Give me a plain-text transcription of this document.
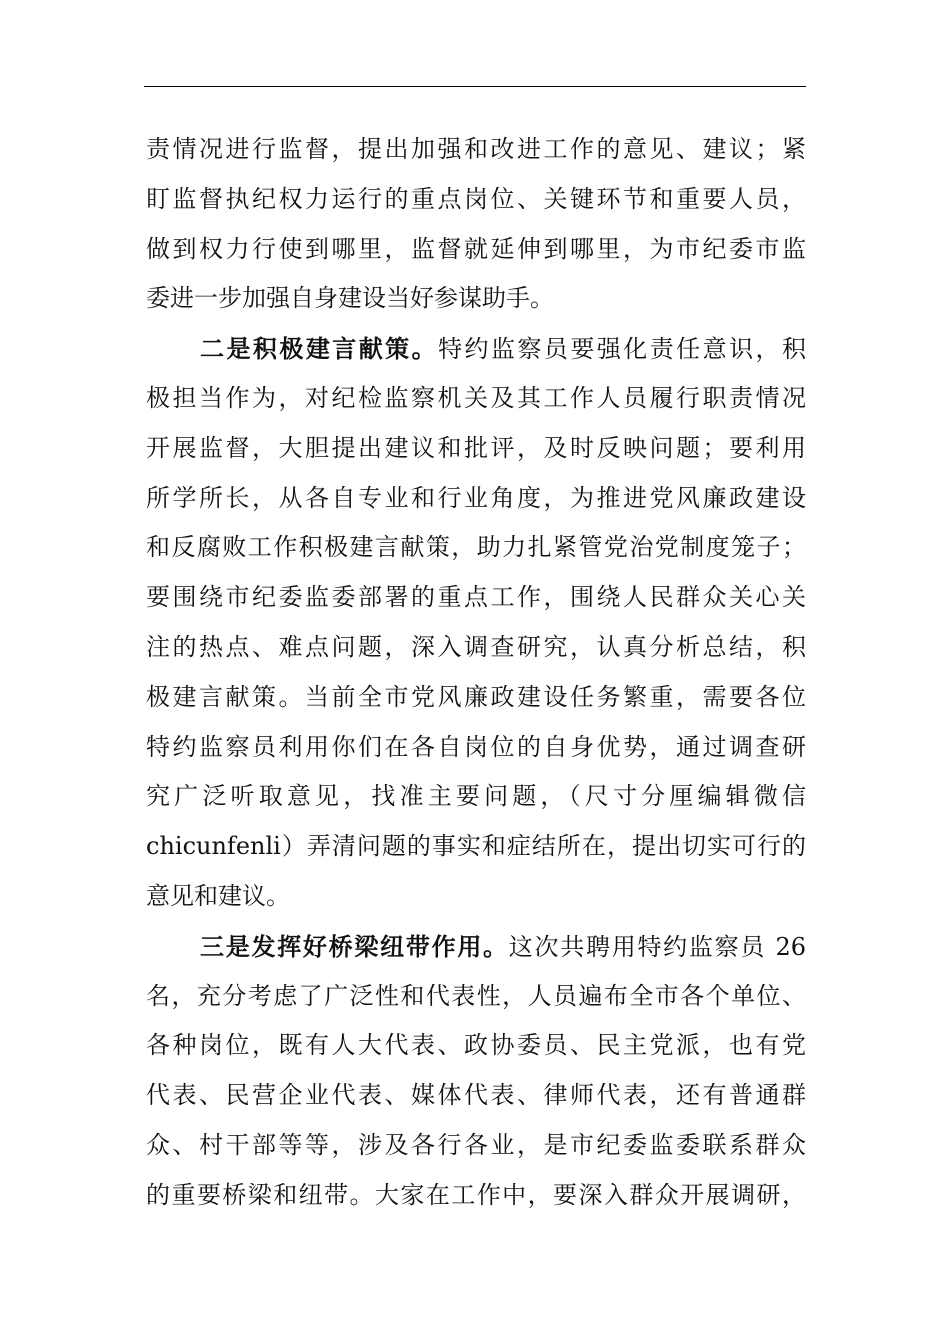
责情况进行监督，提出加强和改进工作的意见、建议；紧
盯监督执纪权力运行的重点岗位、关键环节和重要人员，
做到权力行使到哪里，监督就延伸到哪里，为市纪委市监
委进一步加强自身建设当好参谋助手。
二是积极建言献策。特约监察员要强化责任意识，积
极担当作为，对纪检监察机关及其工作人员履行职责情况
开展监督，大胆提出建议和批评，及时反映问题；要利用
所学所长，从各自专业和行业角度，为推进党风廉政建设
和反腐败工作积极建言献策，助力扎紧管党治党制度笼子；
要围绕市纪委监委部署的重点工作，围绕人民群众关心关
注的热点、难点问题，深入调查研究，认真分析总结，积
极建言献策。当前全市党风廉政建设任务繁重，需要各位
特约监察员利用你们在各自岗位的自身优势，通过调查研
究广泛听取意见，找准主要问题，（尺寸分厘编辑微信
chicunfenli）弄清问题的事实和症结所在，提出切实可行的
意见和建议。
三是发挥好桥梁纽带作用。这次共聘用特约监察员 26
名，充分考虑了广泛性和代表性，人员遍布全市各个单位、
各种岗位，既有人大代表、政协委员、民主党派，也有党
代表、民营企业代表、媒体代表、律师代表，还有普通群
众、村干部等等，涉及各行各业，是市纪委监委联系群众
的重要桥梁和纽带。大家在工作中，要深入群众开展调研，
